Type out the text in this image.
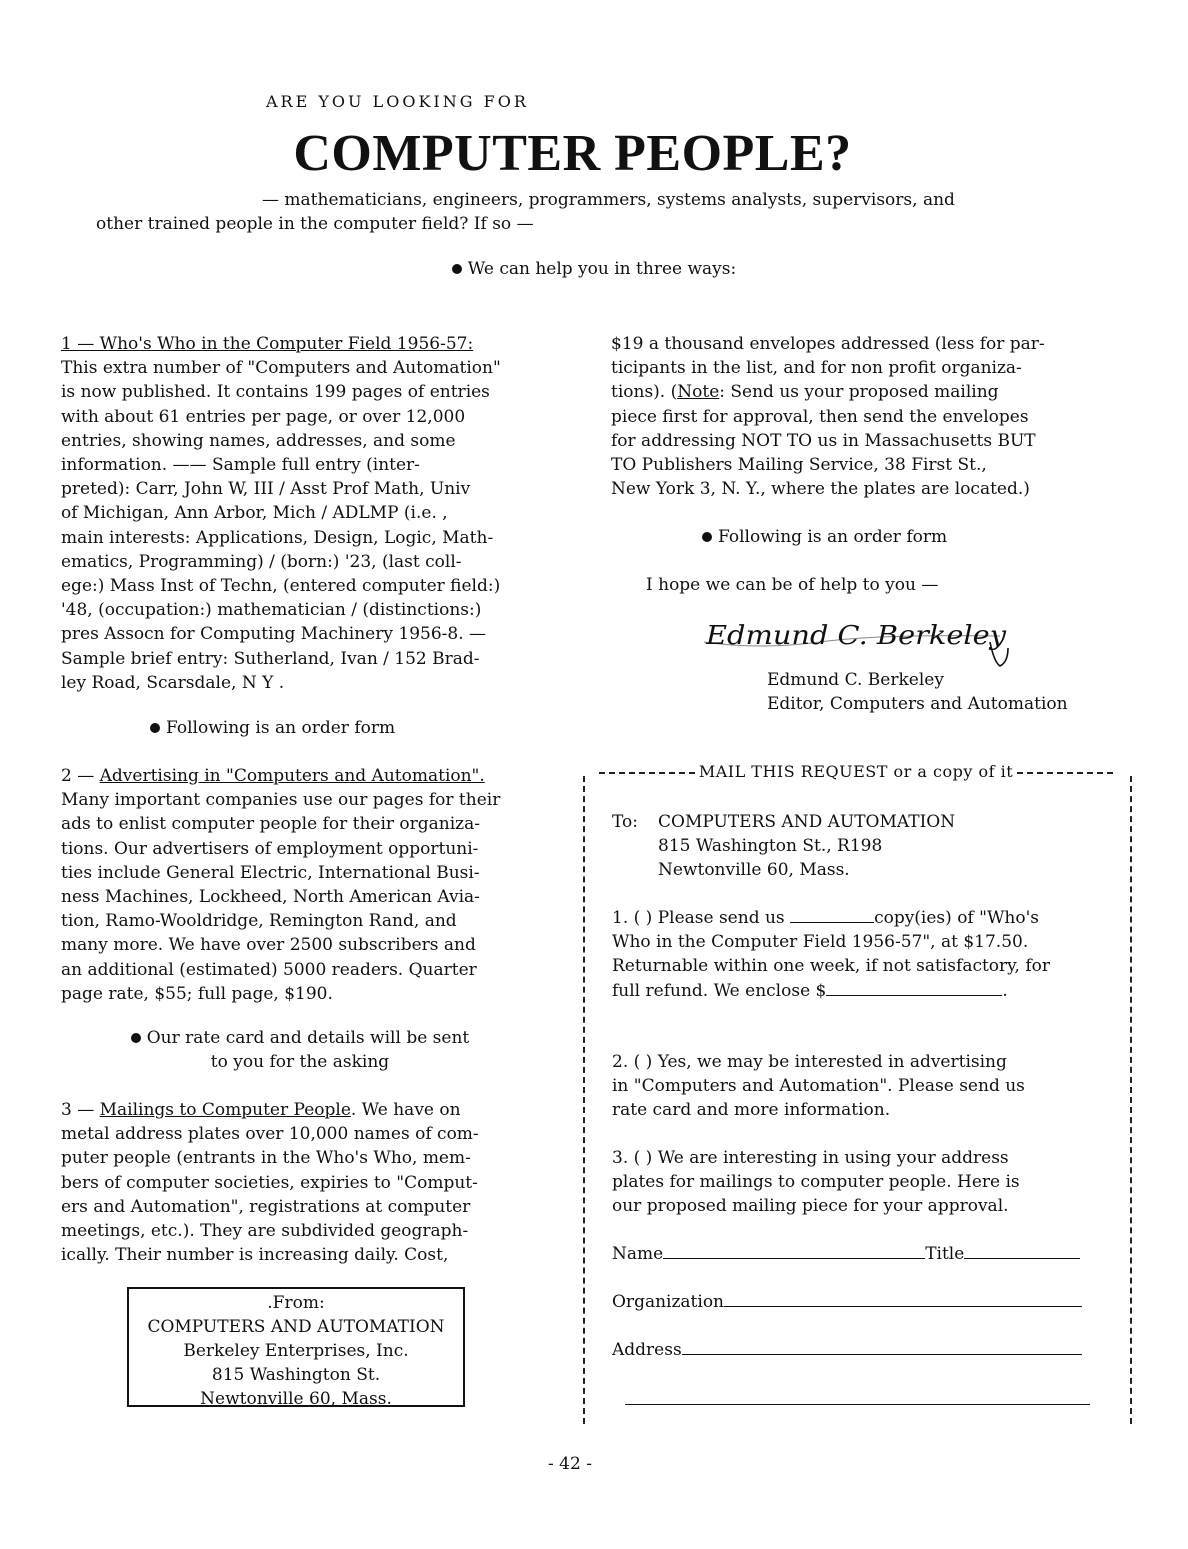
ARE YOU LOOKING FOR
COMPUTER PEOPLE?
— mathematicians, engineers, programmers, systems analysts, supervisors, and
other trained people in the computer field? If so —
We can help you in three ways:
1 — Who's Who in the Computer Field 1956-57:
This extra number of "Computers and Automation"
is now published. It contains 199 pages of entries
with about 61 entries per page, or over 12,000
entries, showing names, addresses, and some
information. —— Sample full entry (inter-
preted): Carr, John W, III / Asst Prof Math, Univ
of Michigan, Ann Arbor, Mich / ADLMP (i.e. ,
main interests: Applications, Design, Logic, Math-
ematics, Programming) / (born:) '23, (last coll-
ege:) Mass Inst of Techn, (entered computer field:)
'48, (occupation:) mathematician / (distinctions:)
pres Assocn for Computing Machinery 1956-8. —
Sample brief entry: Sutherland, Ivan / 152 Brad-
ley Road, Scarsdale, N Y .
Following is an order form
2 — Advertising in "Computers and Automation".
Many important companies use our pages for their
ads to enlist computer people for their organiza-
tions. Our advertisers of employment opportuni-
ties include General Electric, International Busi-
ness Machines, Lockheed, North American Avia-
tion, Ramo-Wooldridge, Remington Rand, and
many more. We have over 2500 subscribers and
an additional (estimated) 5000 readers. Quarter
page rate, $55; full page, $190.
Our rate card and details will be sent
to you for the asking
3 — Mailings to Computer People. We have on
metal address plates over 10,000 names of com-
puter people (entrants in the Who's Who, mem-
bers of computer societies, expiries to "Comput-
ers and Automation", registrations at computer
meetings, etc.). They are subdivided geograph-
ically. Their number is increasing daily. Cost,
.From:
COMPUTERS AND AUTOMATION
Berkeley Enterprises, Inc.
815 Washington St.
Newtonville 60, Mass.
$19 a thousand envelopes addressed (less for par-
ticipants in the list, and for non profit organiza-
tions). (Note: Send us your proposed mailing
piece first for approval, then send the envelopes
for addressing NOT TO us in Massachusetts BUT
TO Publishers Mailing Service, 38 First St.,
New York 3, N. Y., where the plates are located.)
Following is an order form
I hope we can be of help to you —
Edmund C. Berkeley
Edmund C. Berkeley
Editor, Computers and Automation
MAIL THIS REQUEST or a copy of it
To: COMPUTERS AND AUTOMATION
815 Washington St., R198
Newtonville 60, Mass.
1. ( ) Please send us	copy(ies) of "Who's
Who in the Computer Field 1956-57", at $17.50.
Returnable within one week, if not satisfactory, for
full refund. We enclose $	.
2. ( ) Yes, we may be interested in advertising
in "Computers and Automation". Please send us
rate card and more information.
3. ( ) We are interesting in using your address
plates for mailings to computer people. Here is
our proposed mailing piece for your approval.
Name	Title
Organization
Address
- 42 -
